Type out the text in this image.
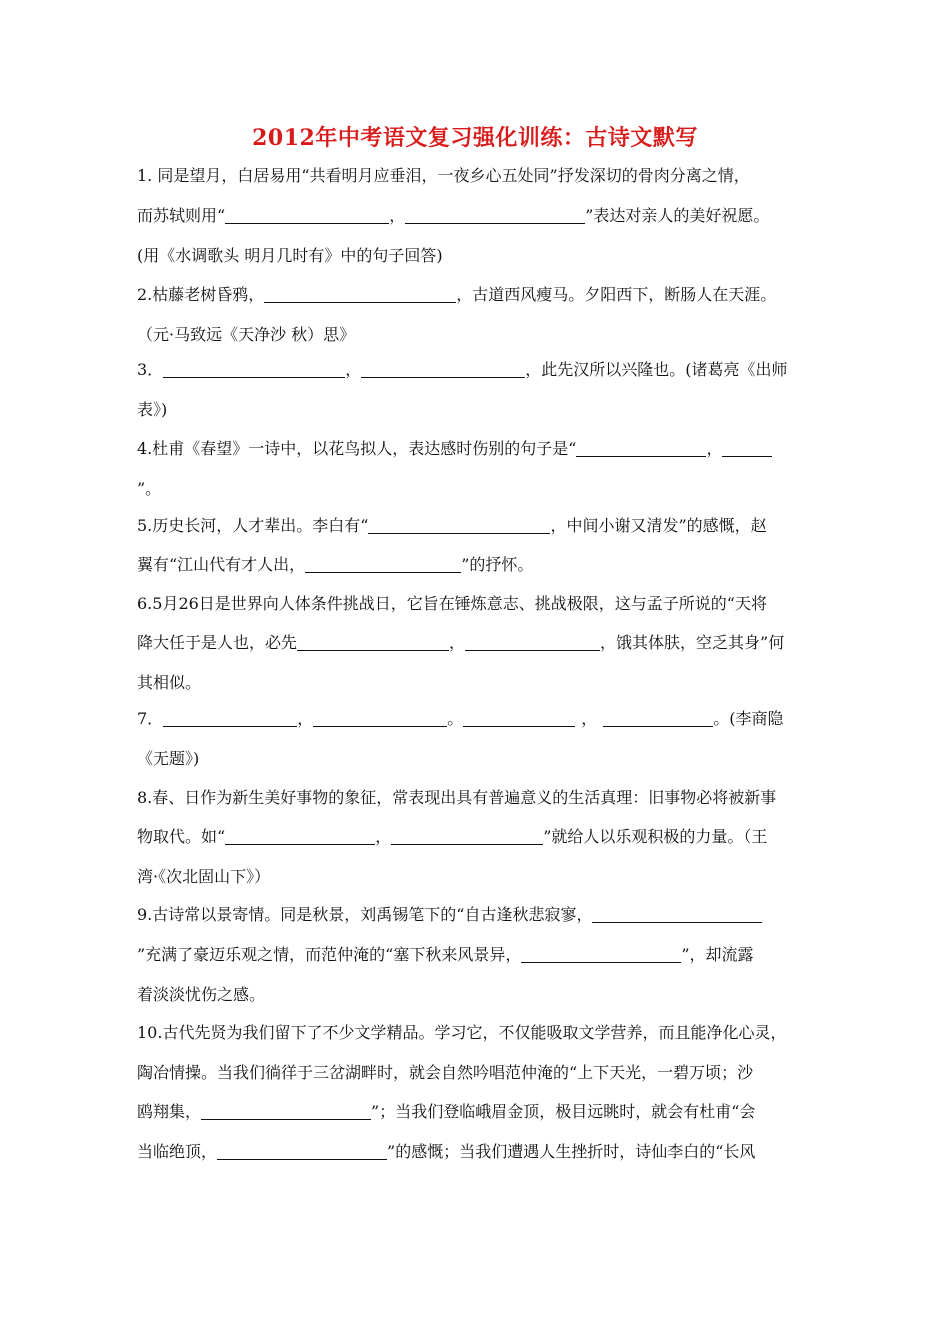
2012年中考语文复习强化训练：古诗文默写
1. 同是望月，白居易用“共看明月应垂泪，一夜乡心五处同”抒发深切的骨肉分离之情，
而苏轼则用“	，	”表达对亲人的美好祝愿。
(用《水调歌头 明月几时有》中的句子回答)
2.枯藤老树昏鸦，	，古道西风瘦马。夕阳西下，断肠人在天涯。
（元·马致远《天净沙 秋）思》
3．	，	，此先汉所以兴隆也。(诸葛亮《出师
表》)
4.杜甫《春望》一诗中，以花鸟拟人，表达感时伤别的句子是“	，
”。
5.历史长河，人才辈出。李白有“	，中间小谢又清发”的感慨，赵
翼有“江山代有才人出，	”的抒怀。
6.5月26日是世界向人体条件挑战日，它旨在锤炼意志、挑战极限，这与孟子所说的“天将
降大任于是人也，必先	，	，饿其体肤，空乏其身”何
其相似。
7．	，	。	，	。(李商隐
《无题》)
8.春、日作为新生美好事物的象征，常表现出具有普遍意义的生活真理：旧事物必将被新事
物取代。如“	，	”就给人以乐观积极的力量。（王
湾·《次北固山下》）
9.古诗常以景寄情。同是秋景，刘禹锡笔下的“自古逢秋悲寂寥，
”充满了豪迈乐观之情，而范仲淹的“塞下秋来风景异，	”，却流露
着淡淡忧伤之感。
10.古代先贤为我们留下了不少文学精品。学习它，不仅能吸取文学营养，而且能净化心灵，
陶冶情操。当我们徜徉于三岔湖畔时，就会自然吟唱范仲淹的“上下天光，一碧万顷；沙
鸥翔集，	”；当我们登临峨眉金顶，极目远眺时，就会有杜甫“会
当临绝顶，	”的感慨；当我们遭遇人生挫折时，诗仙李白的“长风
